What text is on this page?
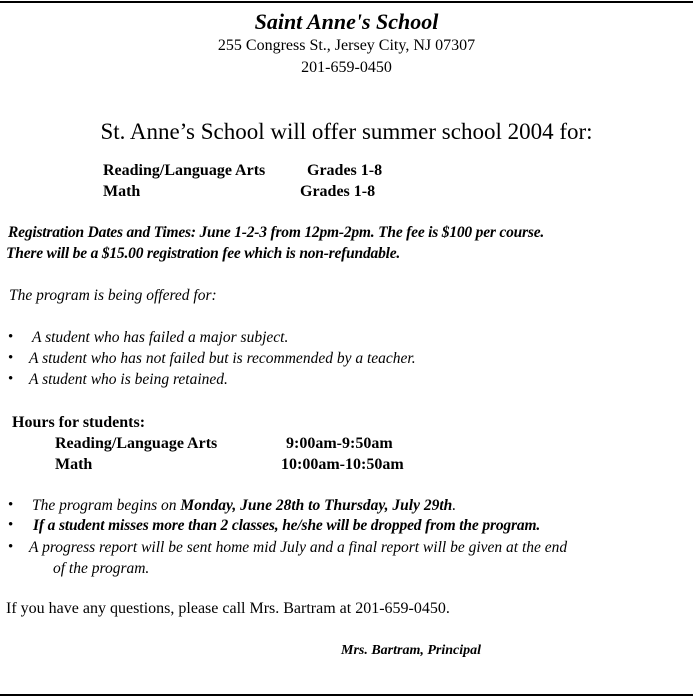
Saint Anne's School
255 Congress St., Jersey City, NJ 07307
201-659-0450
St. Anne’s School will offer summer school 2004 for:
Reading/Language Arts	Grades 1-8
Math	Grades 1-8
Registration Dates and Times: June 1-2-3 from 12pm-2pm. The fee is $100 per course.
There will be a $15.00 registration fee which is non-refundable.
The program is being offered for:
• A student who has failed a major subject.
• A student who has not failed but is recommended by a teacher.
• A student who is being retained.
Hours for students:
Reading/Language Arts	9:00am-9:50am
Math	10:00am-10:50am
• The program begins on Monday, June 28th to Thursday, July 29th.
• If a student misses more than 2 classes, he/she will be dropped from the program.
• A progress report will be sent home mid July and a final report will be given at the end
of the program.
If you have any questions, please call Mrs. Bartram at 201-659-0450.
Mrs. Bartram, Principal
